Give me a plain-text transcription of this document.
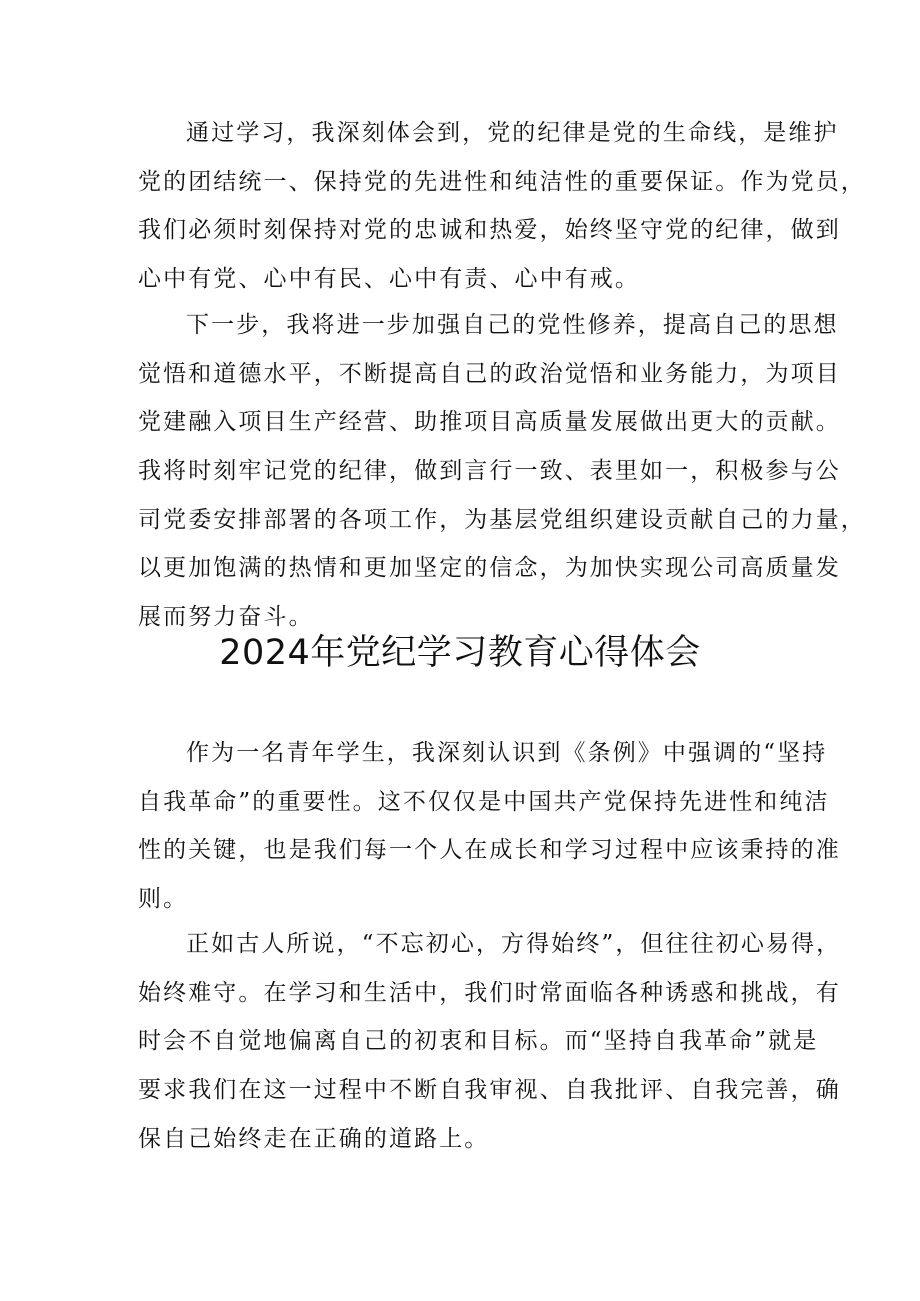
通过学习，我深刻体会到，党的纪律是党的生命线，是维护
党的团结统一、保持党的先进性和纯洁性的重要保证。作为党员，
我们必须时刻保持对党的忠诚和热爱，始终坚守党的纪律，做到
心中有党、心中有民、心中有责、心中有戒。
下一步，我将进一步加强自己的党性修养，提高自己的思想
觉悟和道德水平，不断提高自己的政治觉悟和业务能力，为项目
党建融入项目生产经营、助推项目高质量发展做出更大的贡献。
我将时刻牢记党的纪律，做到言行一致、表里如一，积极参与公
司党委安排部署的各项工作，为基层党组织建设贡献自己的力量，
以更加饱满的热情和更加坚定的信念，为加快实现公司高质量发
展而努力奋斗。
2024年党纪学习教育心得体会
作为一名青年学生，我深刻认识到《条例》中强调的“坚持
自我革命”的重要性。这不仅仅是中国共产党保持先进性和纯洁
性的关键，也是我们每一个人在成长和学习过程中应该秉持的准
则。
正如古人所说，“不忘初心，方得始终”，但往往初心易得，
始终难守。在学习和生活中，我们时常面临各种诱惑和挑战，有
时会不自觉地偏离自己的初衷和目标。而“坚持自我革命”就是
要求我们在这一过程中不断自我审视、自我批评、自我完善，确
保自己始终走在正确的道路上。
